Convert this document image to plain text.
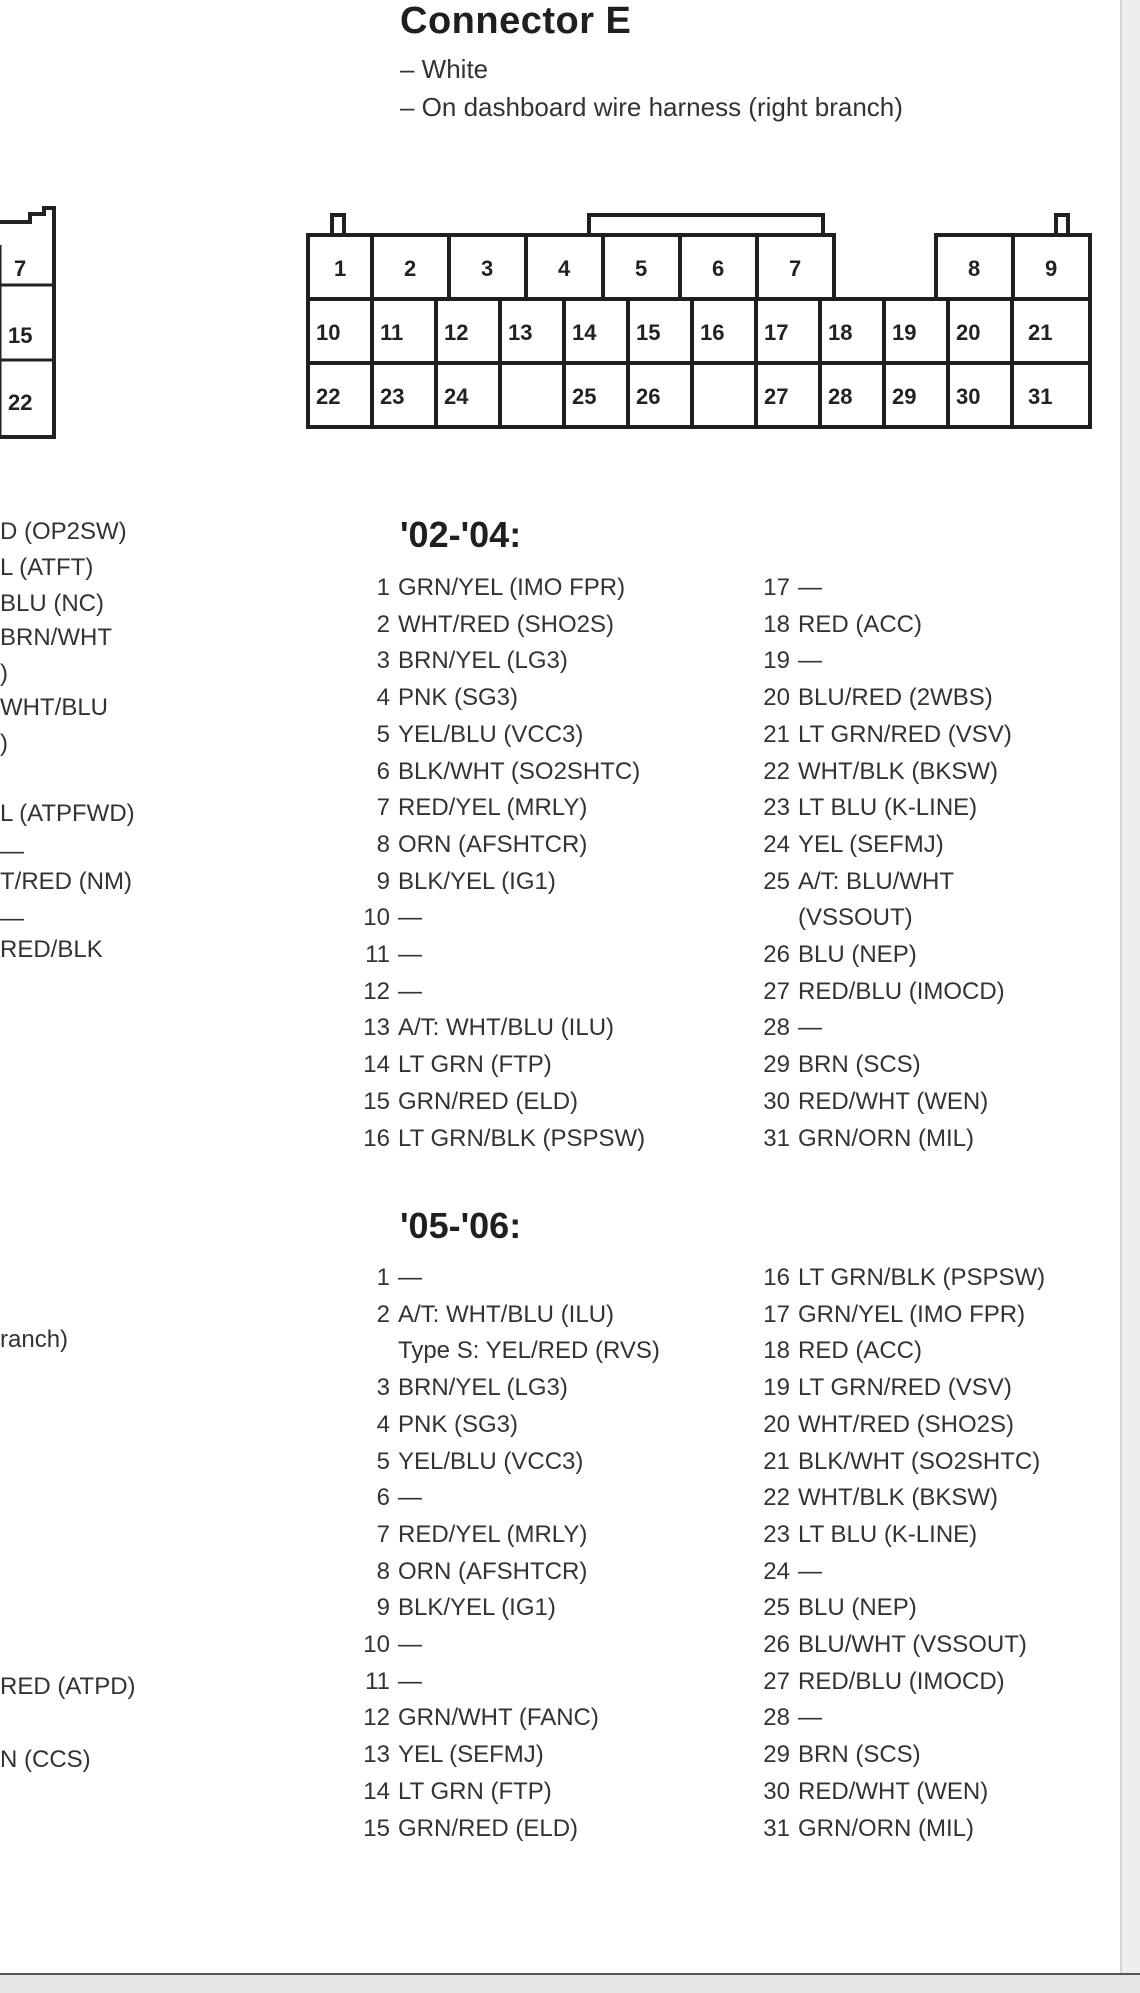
Connector E
– White
– On dashboard wire harness (right branch)
7
15
22
1	2	3	4	5	6	7	8	9
10 11 12 13 14 15 16 17 18 19 20 21
22 23 24	25 26	27 28 29 30 31
D (OP2SW)
L (ATFT)
BLU (NC)
BRN/WHT
)
WHT/BLU
)
L (ATPFWD)
—
T/RED (NM)
—
RED/BLK
ranch)
RED (ATPD)
N (CCS)
'02-'04:
1 GRN/YEL (IMO FPR)
2 WHT/RED (SHO2S)
3 BRN/YEL (LG3)
4 PNK (SG3)
5 YEL/BLU (VCC3)
6 BLK/WHT (SO2SHTC)
7 RED/YEL (MRLY)
8 ORN (AFSHTCR)
9 BLK/YEL (IG1)
10 —
11 —
12 —
13 A/T: WHT/BLU (ILU)
14 LT GRN (FTP)
15 GRN/RED (ELD)
16 LT GRN/BLK (PSPSW)
17 —
18 RED (ACC)
19 —
20 BLU/RED (2WBS)
21 LT GRN/RED (VSV)
22 WHT/BLK (BKSW)
23 LT BLU (K-LINE)
24 YEL (SEFMJ)
25 A/T: BLU/WHT
(VSSOUT)
26 BLU (NEP)
27 RED/BLU (IMOCD)
28 —
29 BRN (SCS)
30 RED/WHT (WEN)
31 GRN/ORN (MIL)
'05-'06:
1 —
2 A/T: WHT/BLU (ILU)
Type S: YEL/RED (RVS)
3 BRN/YEL (LG3)
4 PNK (SG3)
5 YEL/BLU (VCC3)
6 —
7 RED/YEL (MRLY)
8 ORN (AFSHTCR)
9 BLK/YEL (IG1)
10 —
11 —
12 GRN/WHT (FANC)
13 YEL (SEFMJ)
14 LT GRN (FTP)
15 GRN/RED (ELD)
16 LT GRN/BLK (PSPSW)
17 GRN/YEL (IMO FPR)
18 RED (ACC)
19 LT GRN/RED (VSV)
20 WHT/RED (SHO2S)
21 BLK/WHT (SO2SHTC)
22 WHT/BLK (BKSW)
23 LT BLU (K-LINE)
24 —
25 BLU (NEP)
26 BLU/WHT (VSSOUT)
27 RED/BLU (IMOCD)
28 —
29 BRN (SCS)
30 RED/WHT (WEN)
31 GRN/ORN (MIL)
